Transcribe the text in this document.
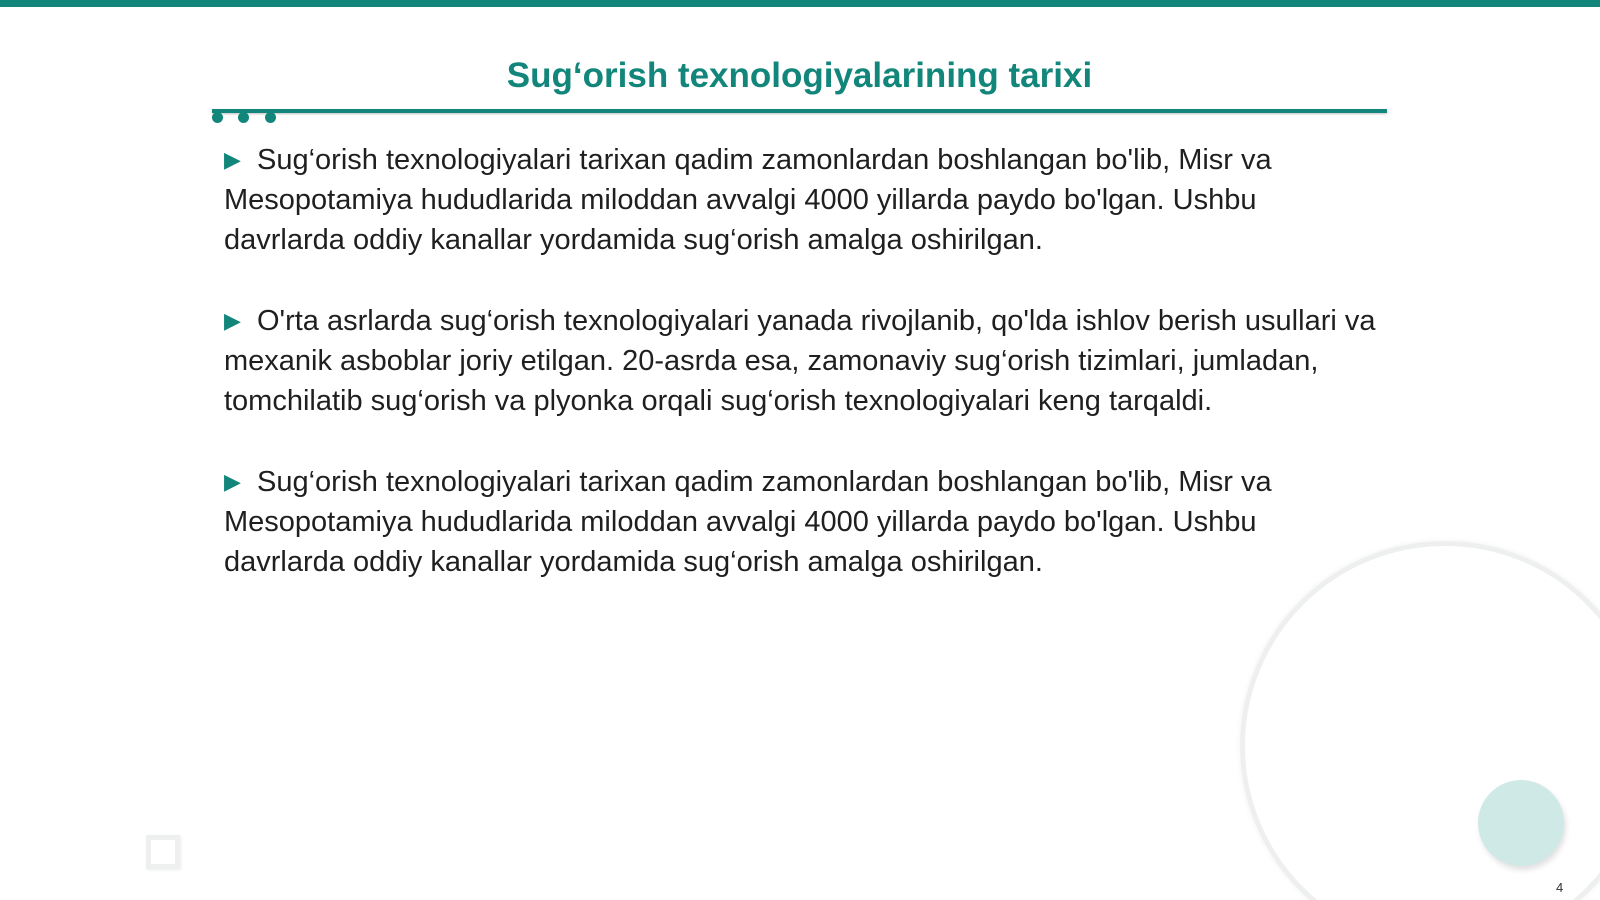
Sug‘orish texnologiyalarining tarixi

▶ Sug‘orish texnologiyalari tarixan qadim zamonlardan boshlangan bo'lib, Misr va Mesopotamiya hududlarida miloddan avvalgi 4000 yillarda paydo bo'lgan. Ushbu davrlarda oddiy kanallar yordamida sug‘orish amalga oshirilgan.

▶ O'rta asrlarda sug‘orish texnologiyalari yanada rivojlanib, qo'lda ishlov berish usullari va mexanik asboblar joriy etilgan. 20-asrda esa, zamonaviy sug‘orish tizimlari, jumladan, tomchilatib sug‘orish va plyonka orqali sug‘orish texnologiyalari keng tarqaldi.

▶ Sug‘orish texnologiyalari tarixan qadim zamonlardan boshlangan bo'lib, Misr va Mesopotamiya hududlarida miloddan avvalgi 4000 yillarda paydo bo'lgan. Ushbu davrlarda oddiy kanallar yordamida sug‘orish amalga oshirilgan.

4
